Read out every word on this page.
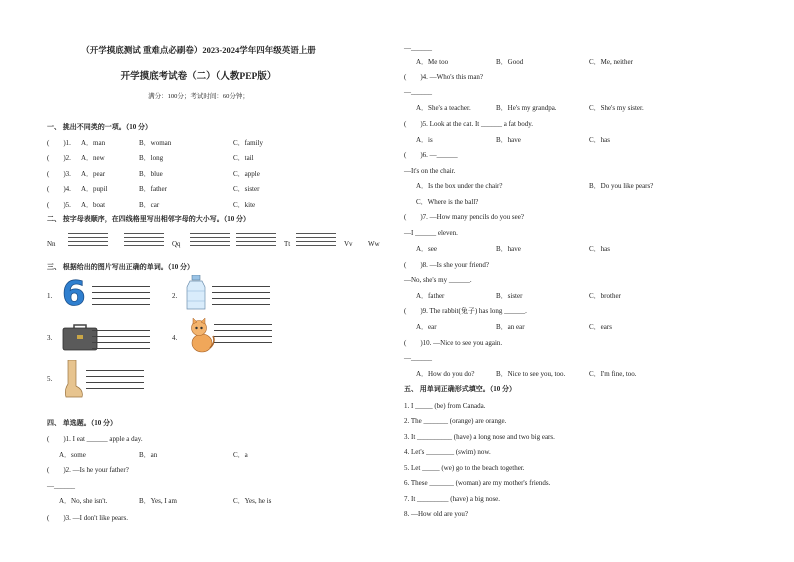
（开学摸底测试 重难点必刷卷）2023-2024学年四年级英语上册
开学摸底考试卷（二）（人教PEP版）
满分：100分；考试时间：60分钟；
一、 挑出不同类的一项。（10 分）
(　　)1. A．man	B．woman	C．family
(　　)2. A．new	B．long	C．tail
(　　)3. A．pear	B．blue	C．apple
(　　)4. A．pupil	B．father	C．sister
(　　)5. A．boat	B．car	C．kite
二、 按字母表顺序，在四线格里写出相邻字母的大小写。（10 分）
Nn	Qq	Tt	Vv Ww
三、 根据给出的图片写出正确的单词。（10 分）
1. 6	2.
3.	4.
5.
四、 单选题。（10 分）
(　　)1. I eat ______ apple a day.
A．some	B．an	C．a
(　　)2. —Is he your father?
—______
A．No, she isn't.	B．Yes, I am	C．Yes, he is
(　　)3. —I don't like pears.
—______
A．Me too	B．Good	C．Me, neither
(　　)4. —Who's this man?
—______
A．She's a teacher.	B．He's my grandpa.	C．She's my sister.
(　　)5. Look at the cat. It ______ a fat body.
A．is	B．have	C．has
(　　)6. —______
—It's on the chair.
A．Is the box under the chair?	B．Do you like pears?
C．Where is the ball?
(　　)7. —How many pencils do you see?
—I ______ eleven.
A．see	B．have	C．has
(　　)8. —Is she your friend?
—No, she's my ______.
A．father	B．sister	C．brother
(　　)9. The rabbit(兔子) has long ______.
A．ear	B．an ear	C．ears
(　　)10. —Nice to see you again.
—______
A．How do you do?	B．Nice to see you, too.	C．I'm fine, too.
五、 用单词正确形式填空。（10 分）
1. I _____ (be) from Canada.
2. The _______ (orange) are orange.
3. It __________ (have) a long nose and two big ears.
4. Let's ________ (swim) now.
5. Let _____ (we) go to the beach together.
6. These _______ (woman) are my mother's friends.
7. It _________ (have) a big nose.
8. —How old are you?
